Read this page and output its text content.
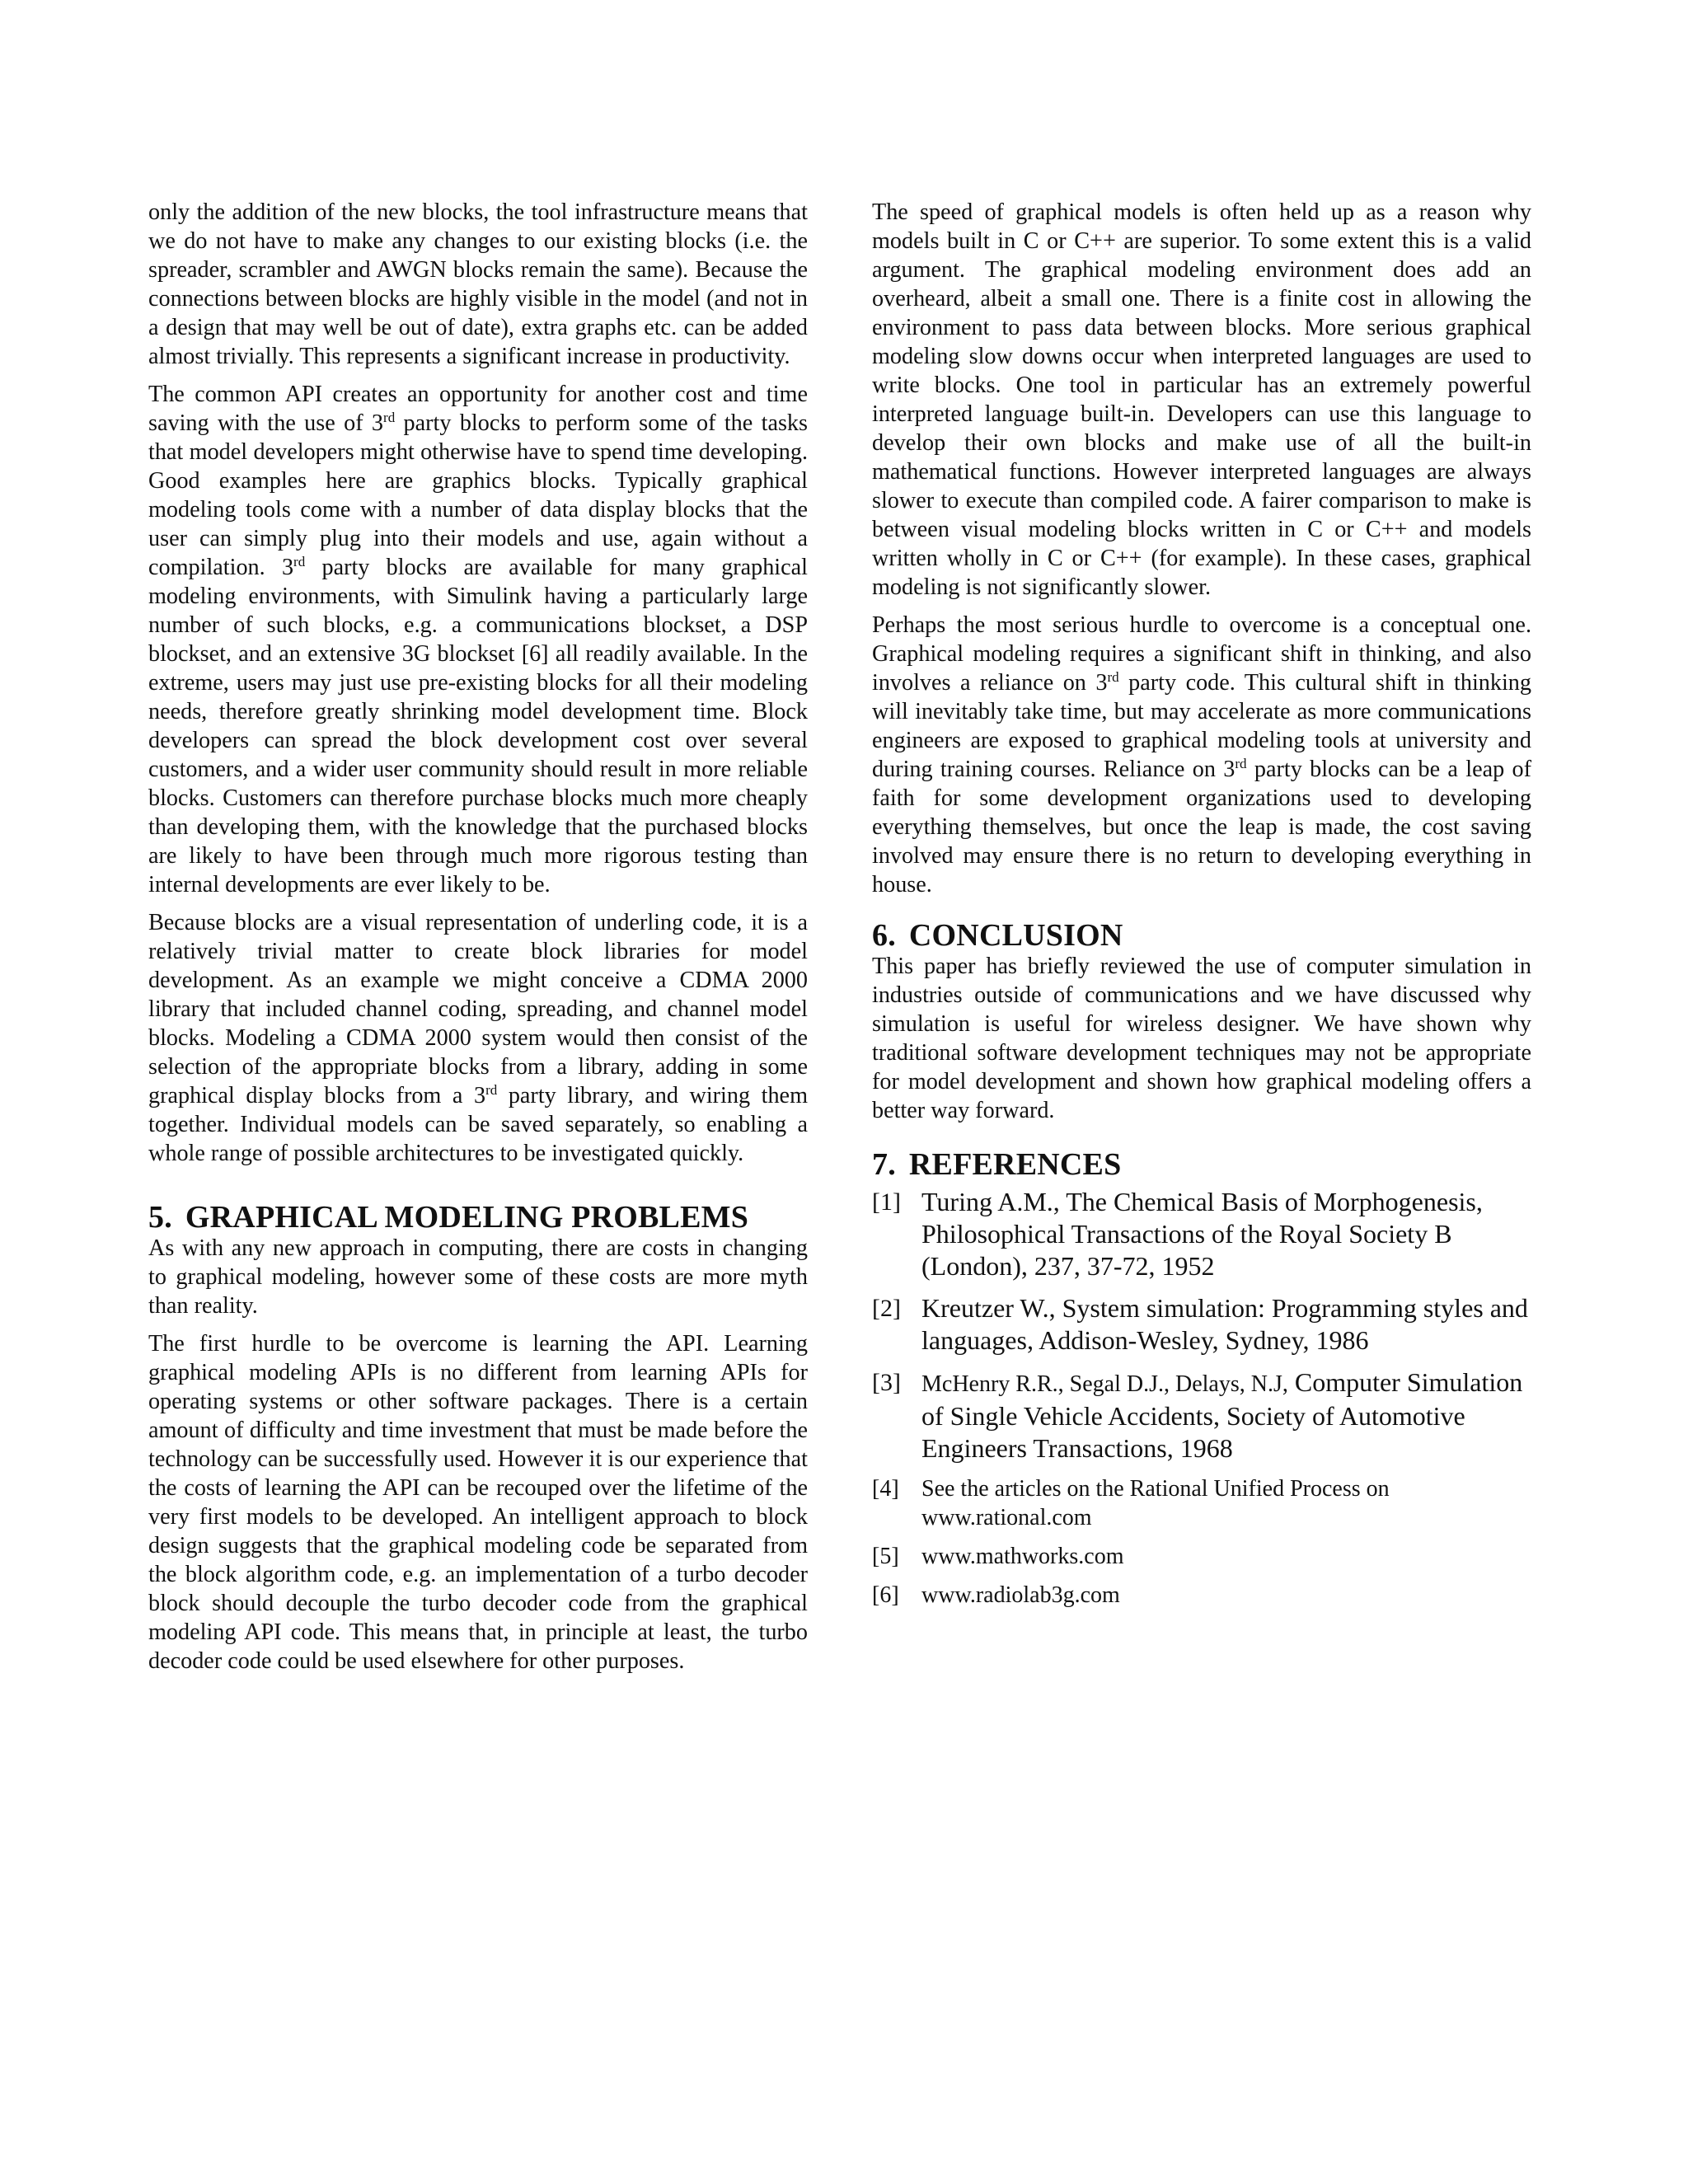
only the addition of the new blocks, the tool infrastructure means that we do not have to make any changes to our existing blocks (i.e. the spreader, scrambler and AWGN blocks remain the same). Because the connections between blocks are highly visible in the model (and not in a design that may well be out of date), extra graphs etc. can be added almost trivially. This represents a significant increase in productivity.

The common API creates an opportunity for another cost and time saving with the use of 3rd party blocks to perform some of the tasks that model developers might otherwise have to spend time developing. Good examples here are graphics blocks. Typically graphical modeling tools come with a number of data display blocks that the user can simply plug into their models and use, again without a compilation. 3rd party blocks are available for many graphical modeling environments, with Simulink having a particularly large number of such blocks, e.g. a communications blockset, a DSP blockset, and an extensive 3G blockset [6] all readily available. In the extreme, users may just use pre-existing blocks for all their modeling needs, therefore greatly shrinking model development time. Block developers can spread the block development cost over several customers, and a wider user community should result in more reliable blocks. Customers can therefore purchase blocks much more cheaply than developing them, with the knowledge that the purchased blocks are likely to have been through much more rigorous testing than internal developments are ever likely to be.

Because blocks are a visual representation of underling code, it is a relatively trivial matter to create block libraries for model development. As an example we might conceive a CDMA 2000 library that included channel coding, spreading, and channel model blocks. Modeling a CDMA 2000 system would then consist of the selection of the appropriate blocks from a library, adding in some graphical display blocks from a 3rd party library, and wiring them together. Individual models can be saved separately, so enabling a whole range of possible architectures to be investigated quickly.

5. GRAPHICAL MODELING PROBLEMS

As with any new approach in computing, there are costs in changing to graphical modeling, however some of these costs are more myth than reality.

The first hurdle to be overcome is learning the API. Learning graphical modeling APIs is no different from learning APIs for operating systems or other software packages. There is a certain amount of difficulty and time investment that must be made before the technology can be successfully used. However it is our experience that the costs of learning the API can be recouped over the lifetime of the very first models to be developed. An intelligent approach to block design suggests that the graphical modeling code be separated from the block algorithm code, e.g. an implementation of a turbo decoder block should decouple the turbo decoder code from the graphical modeling API code. This means that, in principle at least, the turbo decoder code could be used elsewhere for other purposes.

The speed of graphical models is often held up as a reason why models built in C or C++ are superior. To some extent this is a valid argument. The graphical modeling environment does add an overheard, albeit a small one. There is a finite cost in allowing the environment to pass data between blocks. More serious graphical modeling slow downs occur when interpreted languages are used to write blocks. One tool in particular has an extremely powerful interpreted language built-in. Developers can use this language to develop their own blocks and make use of all the built-in mathematical functions. However interpreted languages are always slower to execute than compiled code. A fairer comparison to make is between visual modeling blocks written in C or C++ and models written wholly in C or C++ (for example). In these cases, graphical modeling is not significantly slower.

Perhaps the most serious hurdle to overcome is a conceptual one. Graphical modeling requires a significant shift in thinking, and also involves a reliance on 3rd party code. This cultural shift in thinking will inevitably take time, but may accelerate as more communications engineers are exposed to graphical modeling tools at university and during training courses. Reliance on 3rd party blocks can be a leap of faith for some development organizations used to developing everything themselves, but once the leap is made, the cost saving involved may ensure there is no return to developing everything in house.

6. CONCLUSION

This paper has briefly reviewed the use of computer simulation in industries outside of communications and we have discussed why simulation is useful for wireless designer. We have shown why traditional software development techniques may not be appropriate for model development and shown how graphical modeling offers a better way forward.

7. REFERENCES
[1] Turing A.M., The Chemical Basis of Morphogenesis, Philosophical Transactions of the Royal Society B (London), 237, 37-72, 1952
[2] Kreutzer W., System simulation: Programming styles and languages, Addison-Wesley, Sydney, 1986
[3] McHenry R.R., Segal D.J., Delays, N.J, Computer Simulation of Single Vehicle Accidents, Society of Automotive Engineers Transactions, 1968
[4] See the articles on the Rational Unified Process on www.rational.com
[5] www.mathworks.com
[6] www.radiolab3g.com
